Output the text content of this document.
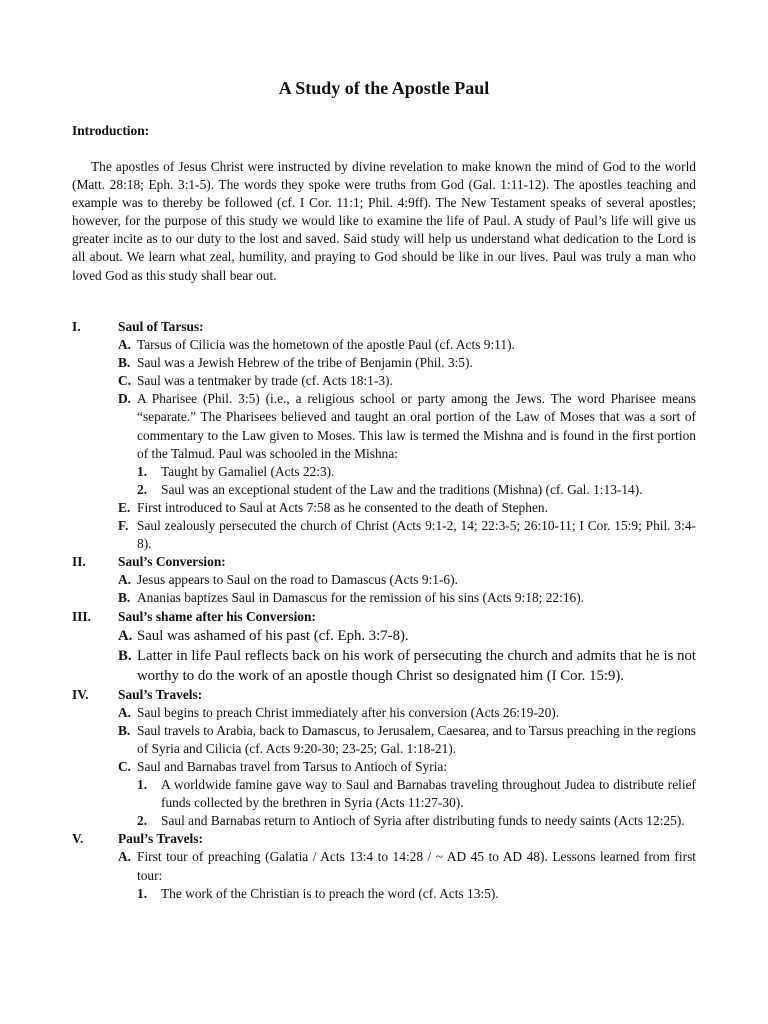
A Study of the Apostle Paul
Introduction:
The apostles of Jesus Christ were instructed by divine revelation to make known the mind of God to the world (Matt. 28:18; Eph. 3:1-5). The words they spoke were truths from God (Gal. 1:11-12). The apostles teaching and example was to thereby be followed (cf. I Cor. 11:1; Phil. 4:9ff). The New Testament speaks of several apostles; however, for the purpose of this study we would like to examine the life of Paul. A study of Paul’s life will give us greater incite as to our duty to the lost and saved. Said study will help us understand what dedication to the Lord is all about. We learn what zeal, humility, and praying to God should be like in our lives. Paul was truly a man who loved God as this study shall bear out.
I.	Saul of Tarsus:
A. Tarsus of Cilicia was the hometown of the apostle Paul (cf. Acts 9:11).
B. Saul was a Jewish Hebrew of the tribe of Benjamin (Phil. 3:5).
C. Saul was a tentmaker by trade (cf. Acts 18:1-3).
D. A Pharisee (Phil. 3:5) (i.e., a religious school or party among the Jews. The word Pharisee means “separate.” The Pharisees believed and taught an oral portion of the Law of Moses that was a sort of commentary to the Law given to Moses. This law is termed the Mishna and is found in the first portion of the Talmud. Paul was schooled in the Mishna:
1.	Taught by Gamaliel (Acts 22:3).
2.	Saul was an exceptional student of the Law and the traditions (Mishna) (cf. Gal. 1:13-14).
E. First introduced to Saul at Acts 7:58 as he consented to the death of Stephen.
F. Saul zealously persecuted the church of Christ (Acts 9:1-2, 14; 22:3-5; 26:10-11; I Cor. 15:9; Phil. 3:4-8).
II.	Saul’s Conversion:
A. Jesus appears to Saul on the road to Damascus (Acts 9:1-6).
B. Ananias baptizes Saul in Damascus for the remission of his sins (Acts 9:18; 22:16).
III.	Saul’s shame after his Conversion:
A. Saul was ashamed of his past (cf. Eph. 3:7-8).
B. Latter in life Paul reflects back on his work of persecuting the church and admits that he is not worthy to do the work of an apostle though Christ so designated him (I Cor. 15:9).
IV.	Saul’s Travels:
A. Saul begins to preach Christ immediately after his conversion (Acts 26:19-20).
B. Saul travels to Arabia, back to Damascus, to Jerusalem, Caesarea, and to Tarsus preaching in the regions of Syria and Cilicia (cf. Acts 9:20-30; 23-25; Gal. 1:18-21).
C. Saul and Barnabas travel from Tarsus to Antioch of Syria:
1.	A worldwide famine gave way to Saul and Barnabas traveling throughout Judea to distribute relief funds collected by the brethren in Syria (Acts 11:27-30).
2.	Saul and Barnabas return to Antioch of Syria after distributing funds to needy saints (Acts 12:25).
V.	Paul’s Travels:
A. First tour of preaching (Galatia / Acts 13:4 to 14:28 / ~ AD 45 to AD 48). Lessons learned from first tour:
1.	The work of the Christian is to preach the word (cf. Acts 13:5).
